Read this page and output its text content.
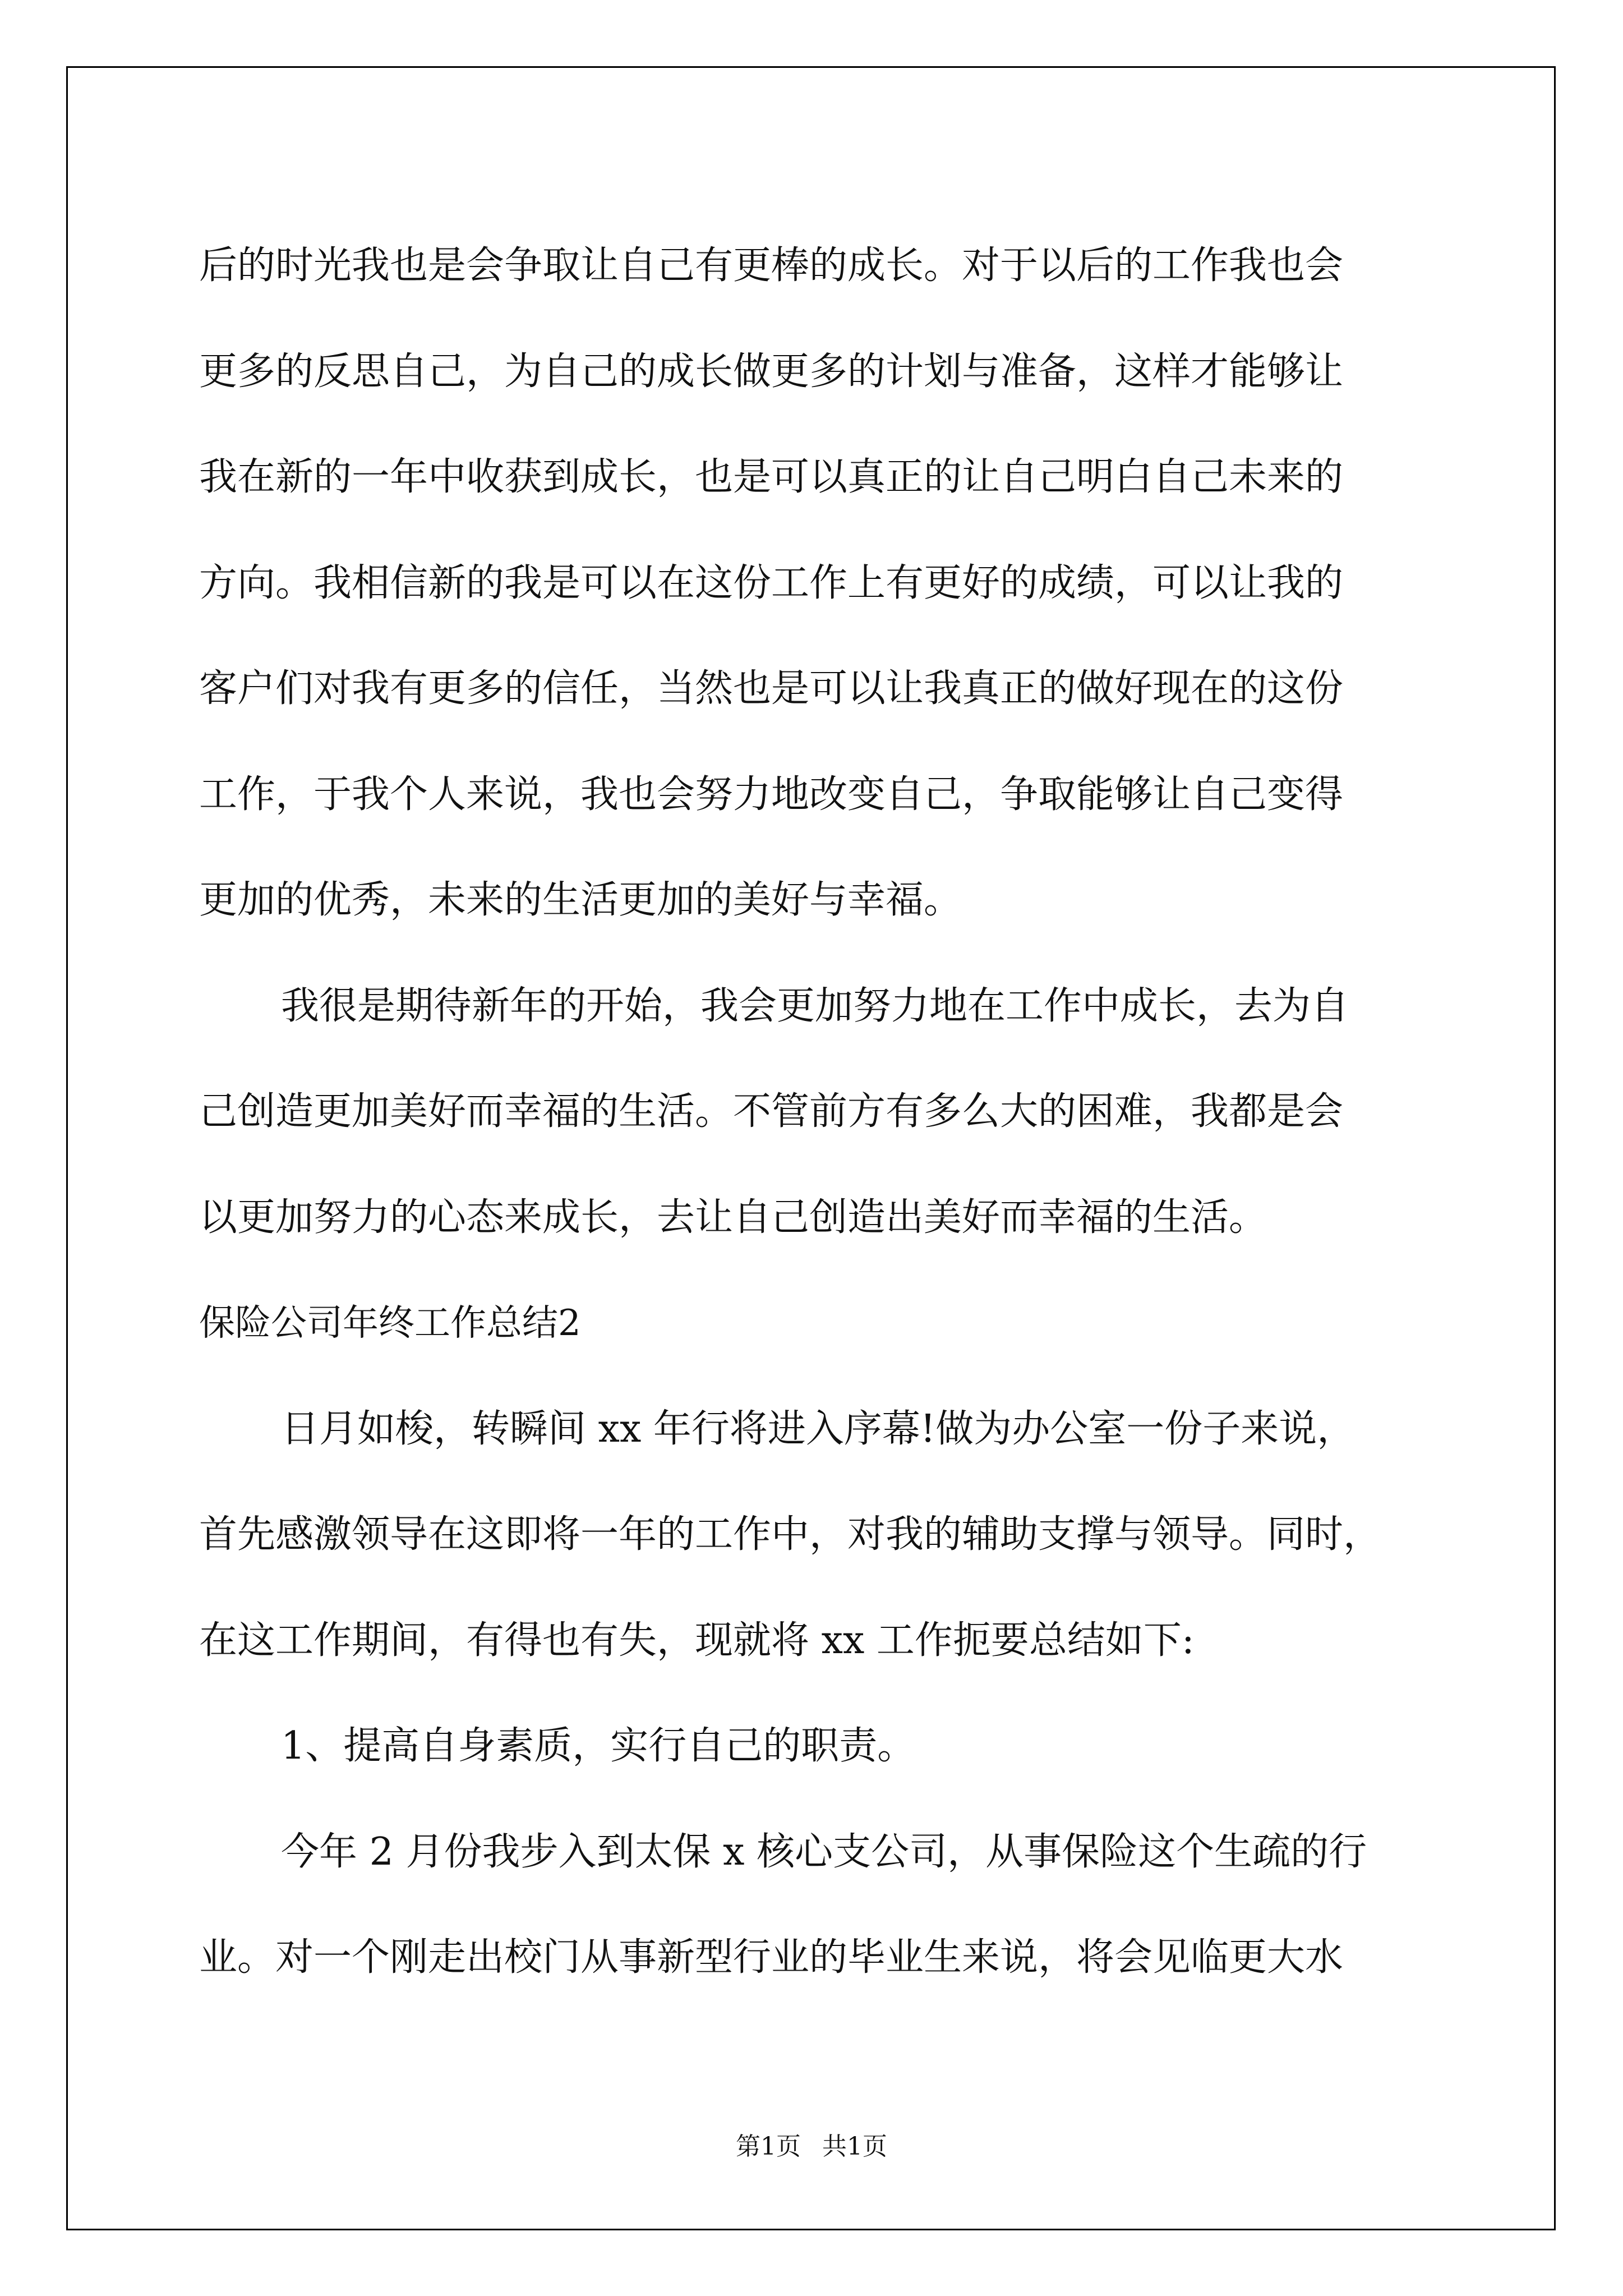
后的时光我也是会争取让自己有更棒的成长。对于以后的工作我也会
更多的反思自己，为自己的成长做更多的计划与准备，这样才能够让
我在新的一年中收获到成长，也是可以真正的让自己明白自己未来的
方向。我相信新的我是可以在这份工作上有更好的成绩，可以让我的
客户们对我有更多的信任，当然也是可以让我真正的做好现在的这份
工作，于我个人来说，我也会努力地改变自己，争取能够让自己变得
更加的优秀，未来的生活更加的美好与幸福。
我很是期待新年的开始，我会更加努力地在工作中成长，去为自
己创造更加美好而幸福的生活。不管前方有多么大的困难，我都是会
以更加努力的心态来成长，去让自己创造出美好而幸福的生活。
保险公司年终工作总结2
日月如梭，转瞬间 xx 年行将进入序幕!做为办公室一份子来说，
首先感激领导在这即将一年的工作中，对我的辅助支撑与领导。同时，
在这工作期间，有得也有失，现就将 xx 工作扼要总结如下:
1、提高自身素质，实行自己的职责。
今年 2 月份我步入到太保 x 核心支公司，从事保险这个生疏的行
业。对一个刚走出校门从事新型行业的毕业生来说，将会见临更大水
第1页 共1页
